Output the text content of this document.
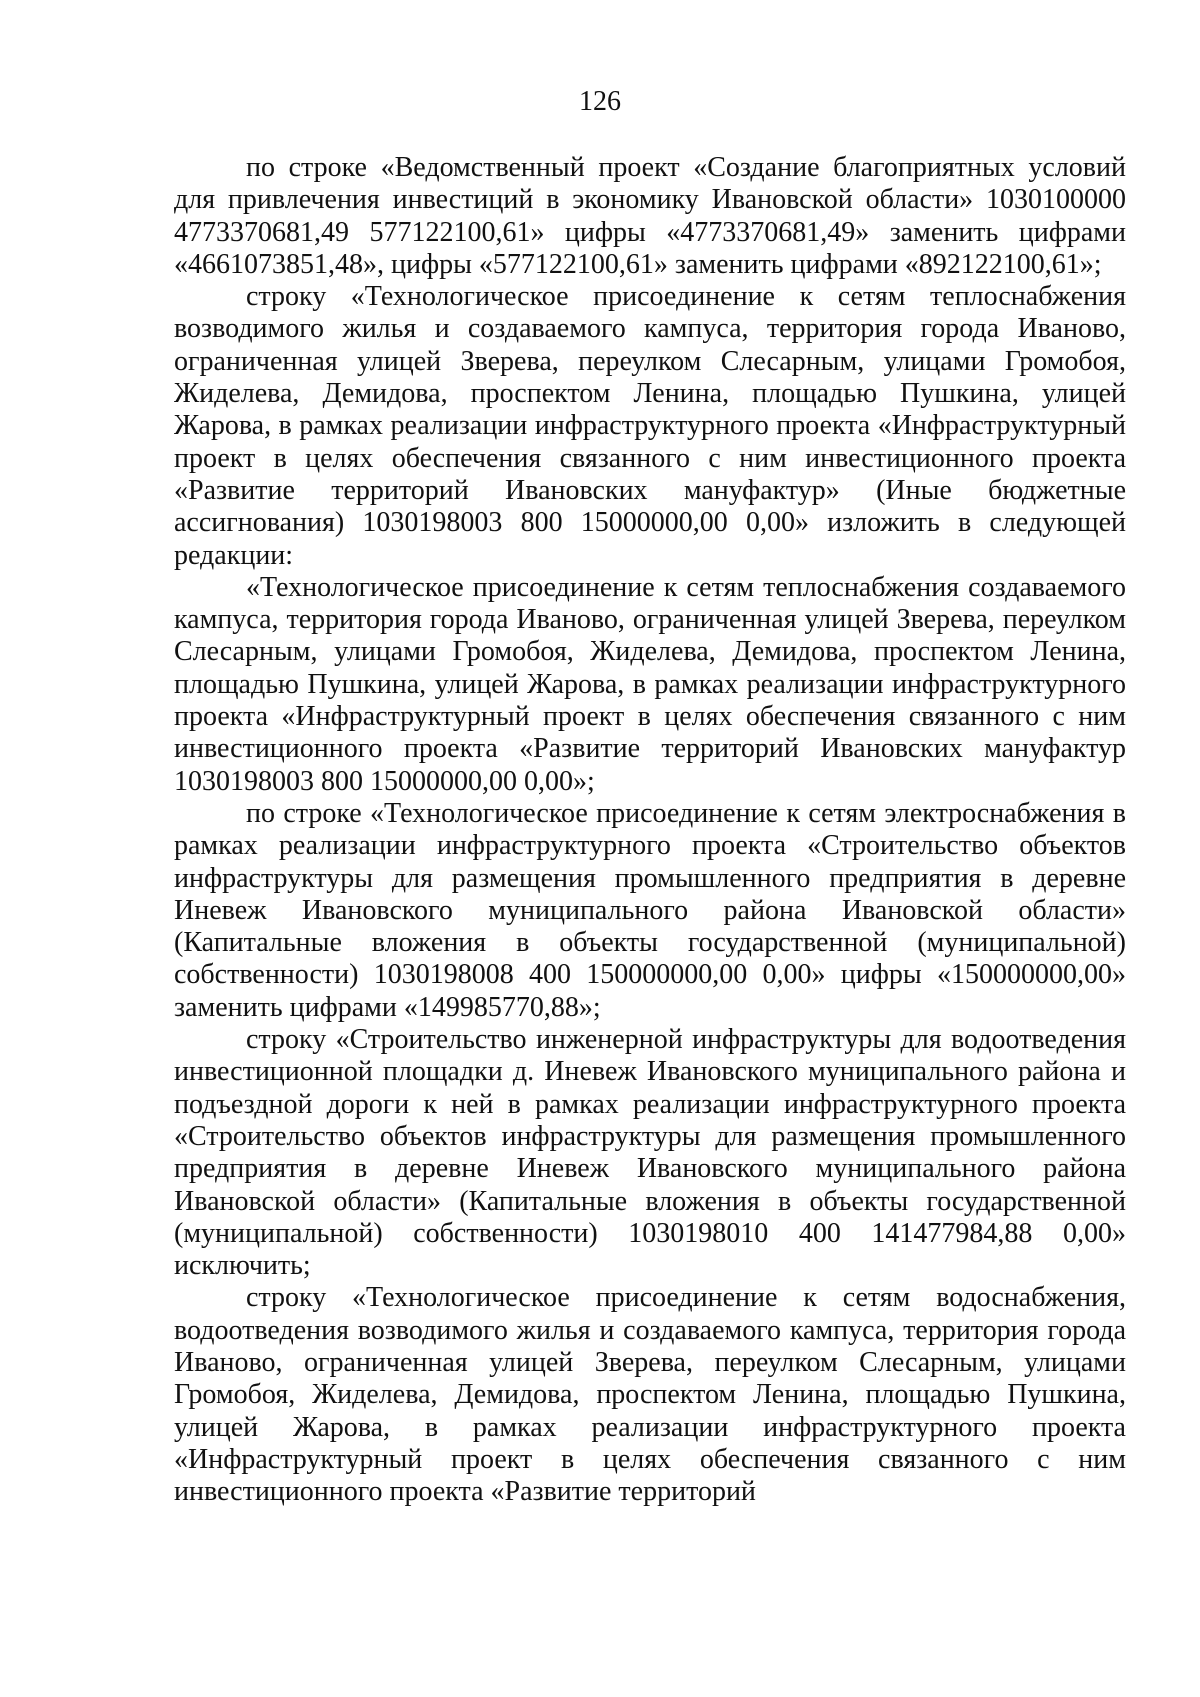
126

по строке «Ведомственный проект «Создание благоприятных условий для привлечения инвестиций в экономику Ивановской области» 1030100000 4773370681,49 577122100,61» цифры «4773370681,49» заменить цифрами «4661073851,48», цифры «577122100,61» заменить цифрами «892122100,61»;

строку «Технологическое присоединение к сетям теплоснабжения возводимого жилья и создаваемого кампуса, территория города Иваново, ограниченная улицей Зверева, переулком Слесарным, улицами Громобоя, Жиделева, Демидова, проспектом Ленина, площадью Пушкина, улицей Жарова, в рамках реализации инфраструктурного проекта «Инфраструктурный проект в целях обеспечения связанного с ним инвестиционного проекта «Развитие территорий Ивановских мануфактур» (Иные бюджетные ассигнования) 1030198003 800 15000000,00 0,00» изложить в следующей редакции:

«Технологическое присоединение к сетям теплоснабжения создаваемого кампуса, территория города Иваново, ограниченная улицей Зверева, переулком Слесарным, улицами Громобоя, Жиделева, Демидова, проспектом Ленина, площадью Пушкина, улицей Жарова, в рамках реализации инфраструктурного проекта «Инфраструктурный проект в целях обеспечения связанного с ним инвестиционного проекта «Развитие территорий Ивановских мануфактур 1030198003 800 15000000,00 0,00»;

по строке «Технологическое присоединение к сетям электроснабжения в рамках реализации инфраструктурного проекта «Строительство объектов инфраструктуры для размещения промышленного предприятия в деревне Иневеж Ивановского муниципального района Ивановской области» (Капитальные вложения в объекты государственной (муниципальной) собственности) 1030198008 400 150000000,00 0,00» цифры «150000000,00» заменить цифрами «149985770,88»;

строку «Строительство инженерной инфраструктуры для водоотведения инвестиционной площадки д. Иневеж Ивановского муниципального района и подъездной дороги к ней в рамках реализации инфраструктурного проекта «Строительство объектов инфраструктуры для размещения промышленного предприятия в деревне Иневеж Ивановского муниципального района Ивановской области» (Капитальные вложения в объекты государственной (муниципальной) собственности) 1030198010 400 141477984,88 0,00» исключить;

строку «Технологическое присоединение к сетям водоснабжения, водоотведения возводимого жилья и создаваемого кампуса, территория города Иваново, ограниченная улицей Зверева, переулком Слесарным, улицами Громобоя, Жиделева, Демидова, проспектом Ленина, площадью Пушкина, улицей Жарова, в рамках реализации инфраструктурного проекта «Инфраструктурный проект в целях обеспечения связанного с ним инвестиционного проекта «Развитие территорий
